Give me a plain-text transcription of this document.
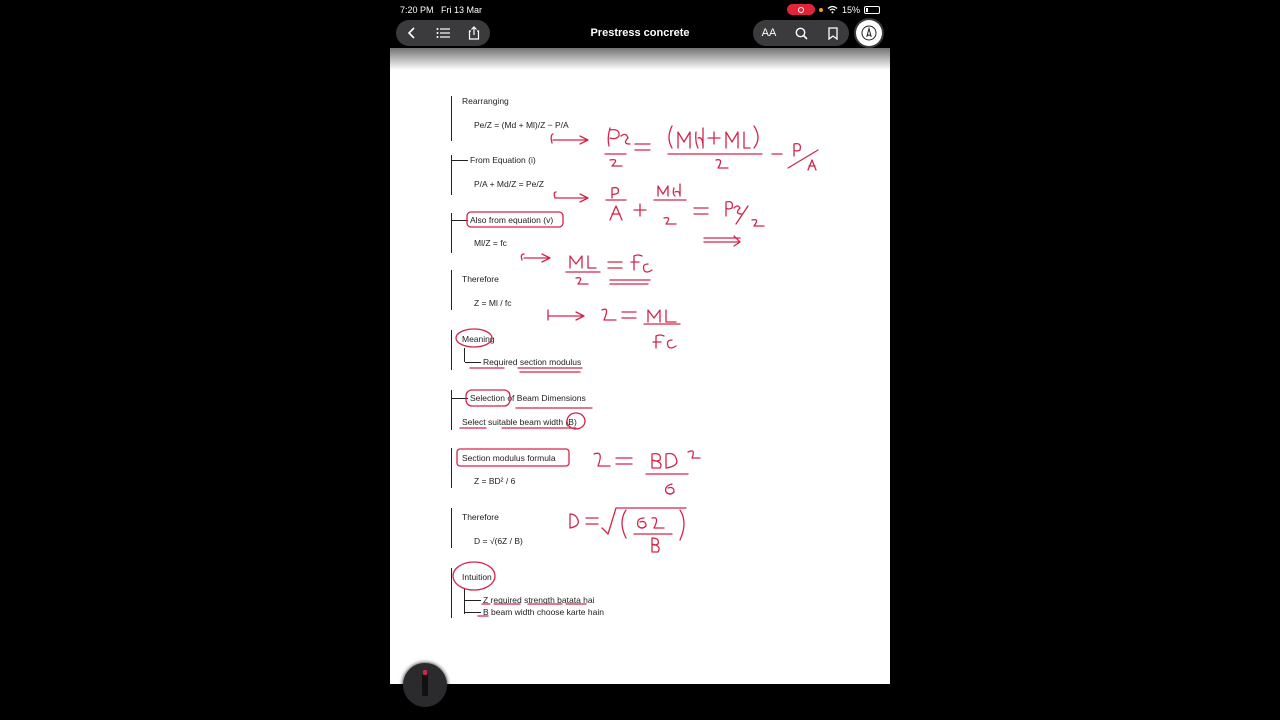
7:20 PM Fri 13 Mar	15%
Prestress concrete	AA
Rearranging
Pe/Z = (Md + Ml)/Z − P/A
From Equation (i)
P/A + Md/Z = Pe/Z
Also from equation (v)
Ml/Z = fc
Therefore
Z = Ml / fc
Meaning
Required section modulus
Selection of Beam Dimensions
Select suitable beam width (B)
Section modulus formula
Z = BD² / 6
Therefore
D = √(6Z / B)
Intuition
Z required strength batata hai
B beam width choose karte hain
